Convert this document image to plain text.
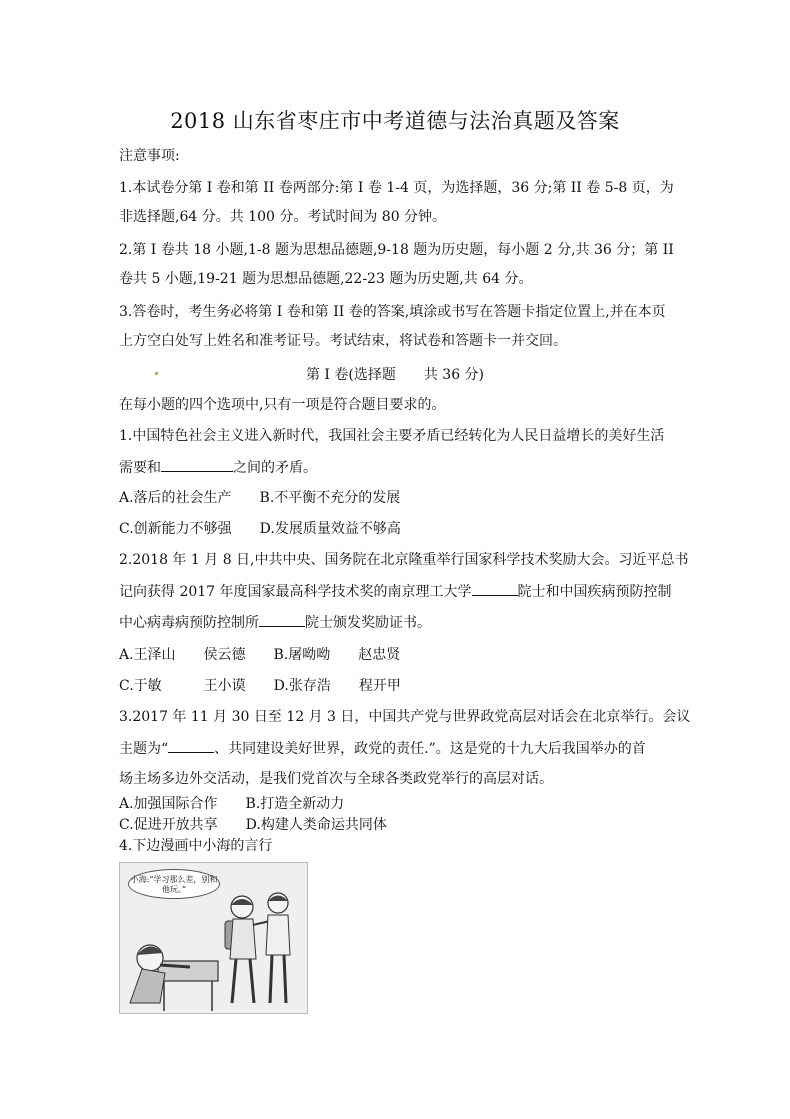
2018 山东省枣庄市中考道德与法治真题及答案
注意事项:
1.本试卷分第 I 卷和第 II 卷两部分:第 I 卷 1-4 页，为选择题，36 分;第 II 卷 5-8 页，为
非选择题,64 分。共 100 分。考试时间为 80 分钟。
2.第 I 卷共 18 小题,1-8 题为思想品德题,9-18 题为历史题，每小题 2 分,共 36 分；第 II
卷共 5 小题,19-21 题为思想品德题,22-23 题为历史题,共 64 分。
3.答卷时，考生务必将第 I 卷和第 II 卷的答案,填涂或书写在答题卡指定位置上,并在本页
上方空白处写上姓名和准考证号。考试结束，将试卷和答题卡一并交回。
第 I 卷(选择题　　共 36 分)
在每小题的四个选项中,只有一项是符合题目要求的。
1.中国特色社会主义进入新时代，我国社会主要矛盾已经转化为人民日益增长的美好生活
需要和	之间的矛盾。
A.落后的社会生产　　B.不平衡不充分的发展
C.创新能力不够强　　D.发展质量效益不够高
2.2018 年 1 月 8 日,中共中央、国务院在北京隆重举行国家科学技术奖励大会。习近平总书
记向获得 2017 年度国家最高科学技术奖的南京理工大学	院士和中国疾病预防控制
中心病毒病预防控制所	院士颁发奖励证书。
A.王泽山　　侯云德　　B.屠呦呦　　赵忠贤
C.于敏　　　王小谟　　D.张存浩　　程开甲
3.2017 年 11 月 30 日至 12 月 3 日，中国共产党与世界政党高层对话会在北京举行。会议
主题为“	、共同建设美好世界，政党的责任.”。这是党的十九大后我国举办的首
场主场多边外交活动，是我们党首次与全球各类政党举行的高层对话。
A.加强国际合作　　B.打造全新动力
C.促进开放共享　　D.构建人类命运共同体
4.下边漫画中小海的言行
小海:“学习那么差，别和他玩。”
